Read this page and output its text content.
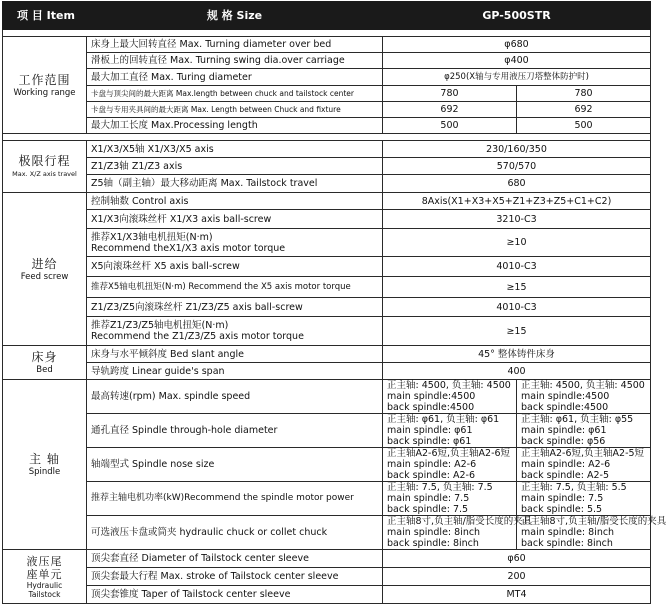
项 目 Item	规 格 Size	GP-500STR	

工作范围
Working range	床身上最大回转直径 Max. Turning diameter over bed	φ680	
	滑板上的回转直径 Max. Turning swing dia.over carriage	φ400	
	最大加工直径 Max. Turing diameter	φ250(X轴与专用液压刀塔整体防护时)	
	卡盘与顶尖间的最大距离 Max.length between chuck and tailstock center	780	780
	卡盘与专用夹具间的最大距离 Max. Length between Chuck and fixture	692	692
	最大加工长度 Max.Processing length	500	500

极限行程
Max. X/Z axis travel	X1/X3/X5轴 X1/X3/X5 axis	230/160/350	
	Z1/Z3轴 Z1/Z3 axis	570/570	
	Z5轴（副主轴）最大移动距离 Max. Tailstock travel	680	

进给
Feed screw	控制轴数 Control axis	8Axis(X1+X3+X5+Z1+Z3+Z5+C1+C2)	
	X1/X3向滚珠丝杆 X1/X3 axis ball-screw	3210-C3	

	推荐X1/X3轴电机扭矩(N·m)
Recommend theX1/X3 axis motor torque	≥10	
	X5向滚珠丝杆 X5 axis ball-screw	4010-C3	
	推荐X5轴电机扭矩(N·m) Recommend the X5 axis motor torque	≥15	
	Z1/Z3/Z5向滚珠丝杆 Z1/Z3/Z5 axis ball-screw	4010-C3	

	推荐Z1/Z3/Z5轴电机扭矩(N·m)
Recommend the Z1/Z3/Z5 axis motor torque	≥15	

床身
Bed	床身与水平倾斜度 Bed slant angle	45° 整体铸件床身	
	导轨跨度 Linear guide's span	400	

主 轴
Spindle	最高转速(rpm) Max. spindle speed	正主轴: 4500, 负主轴: 4500
main spindle:4500
back spindle:4500	正主轴: 4500, 负主轴: 4500
main spindle:4500
back spindle:4500

	通孔直径 Spindle through-hole diameter	正主轴: φ61, 负主轴: φ61
main spindle: φ61
back spindle: φ61	正主轴: φ61, 负主轴: φ55
main spindle: φ61
back spindle: φ56

	轴端型式 Spindle nose size	正主轴A2-6短,负主轴A2-6短
main spindle: A2-6
back spindle: A2-6	正主轴A2-6短,负主轴A2-5短
main spindle: A2-6
back spindle: A2-5

	推荐主轴电机功率(kW)Recommend the spindle motor power	正主轴: 7.5, 负主轴: 7.5
main spindle: 7.5
back spindle: 7.5	正主轴: 7.5, 负主轴: 5.5
main spindle: 7.5
back spindle: 5.5

	可选液压卡盘或筒夹 hydraulic chuck or collet chuck	正主轴8寸,负主轴/脂受长度的夹具
main spindle: 8inch
back spindle: 8inch	正主轴8寸,负主轴/脂受长度的夹具
main spindle: 8inch
back spindle: 8inch

液压尾
座单元
Hydraulic
Tailstock	顶尖套直径 Diameter of Tailstock center sleeve	φ60	
	顶尖套最大行程 Max. stroke of Tailstock center sleeve	200	
	顶尖套锥度 Taper of Tailstock center sleeve	MT4	
